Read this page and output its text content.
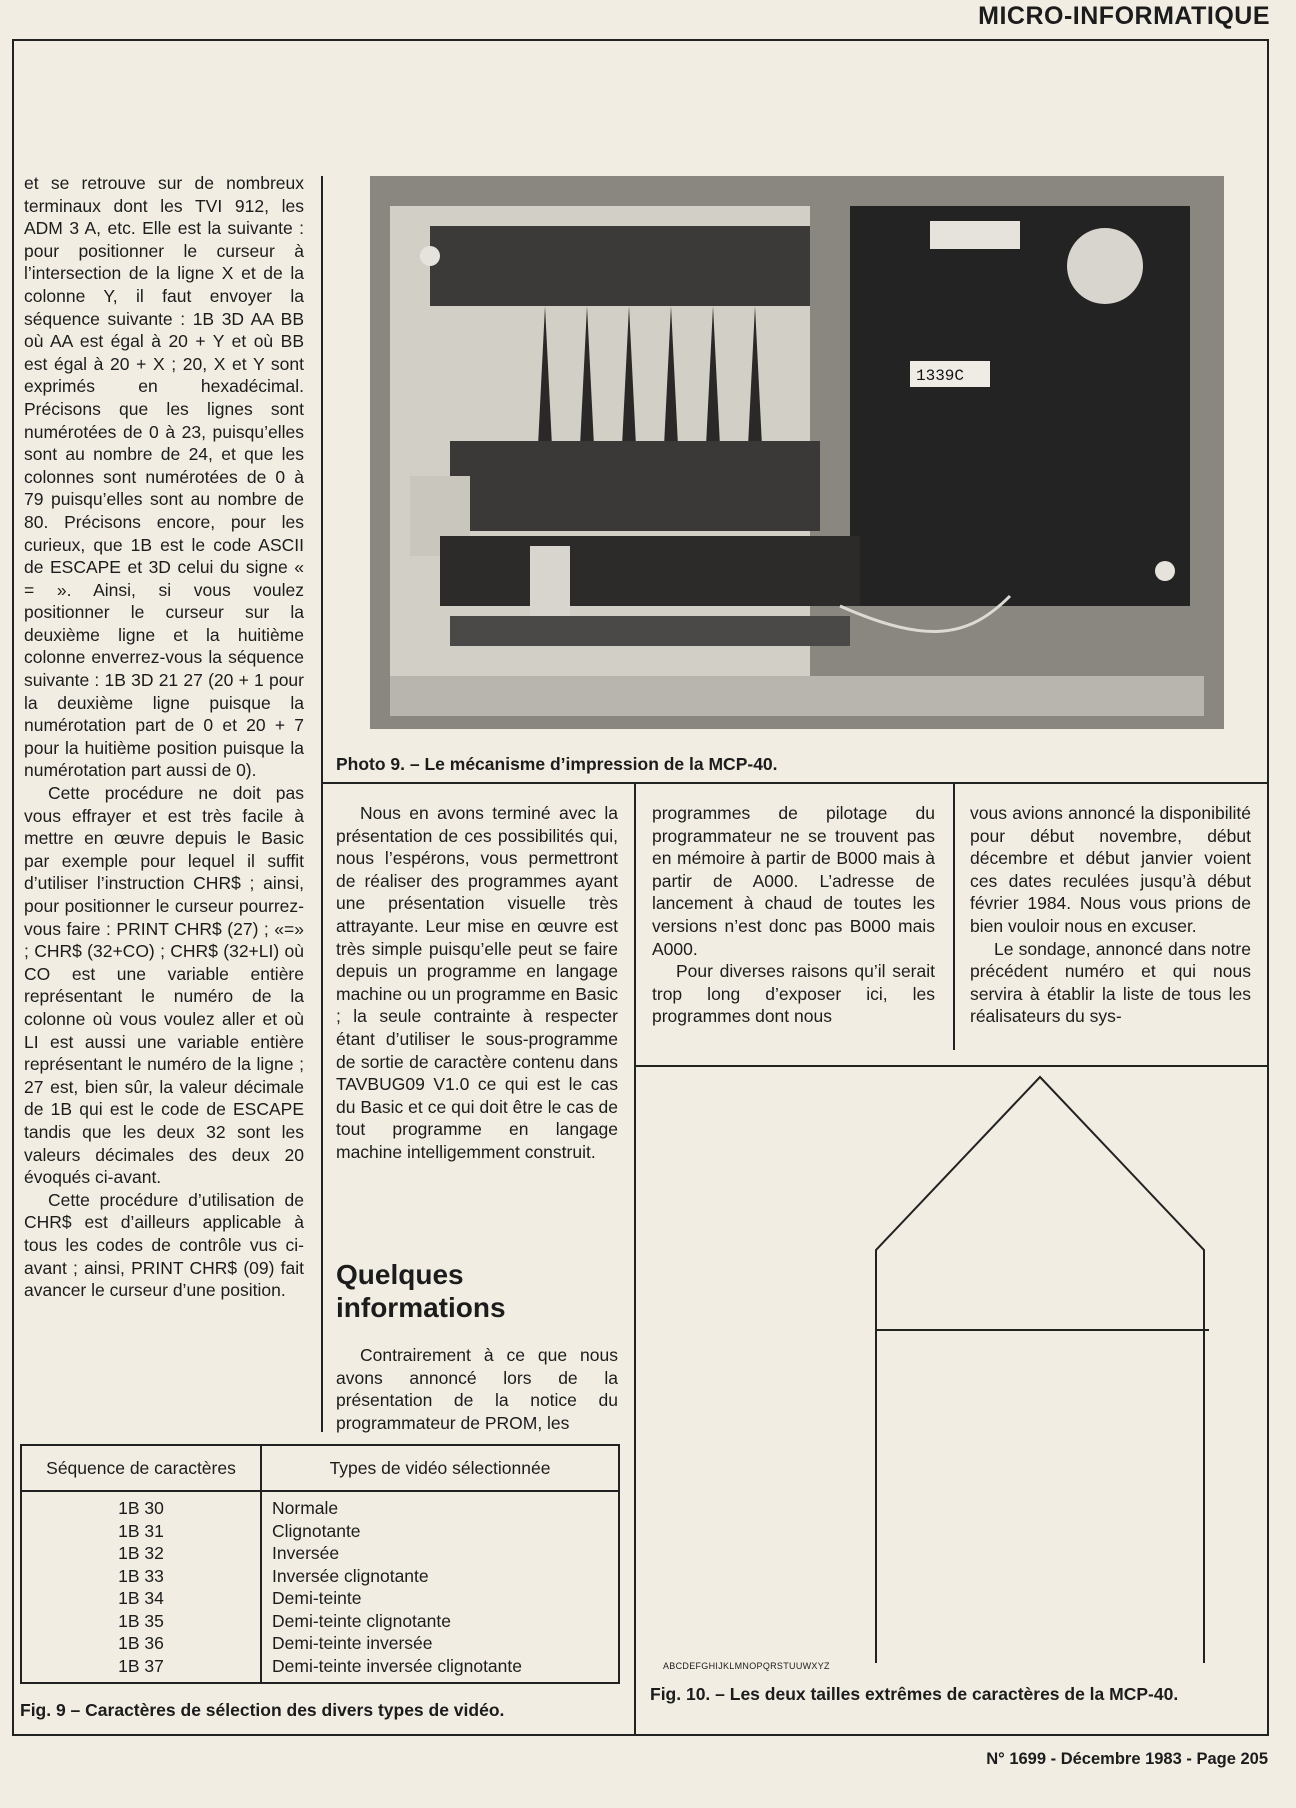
MICRO-INFORMATIQUE

et se retrouve sur de nombreux terminaux dont les TVI 912, les ADM 3 A, etc. Elle est la suivante : pour positionner le curseur à l’intersection de la ligne X et de la colonne Y, il faut envoyer la séquence suivante : 1B 3D AA BB où AA est égal à 20 + Y et où BB est égal à 20 + X ; 20, X et Y sont exprimés en hexadécimal. Précisons que les lignes sont numérotées de 0 à 23, puisqu’elles sont au nombre de 24, et que les colonnes sont numérotées de 0 à 79 puisqu’elles sont au nombre de 80. Précisons encore, pour les curieux, que 1B est le code ASCII de ESCAPE et 3D celui du signe « = ». Ainsi, si vous voulez positionner le curseur sur la deuxième ligne et la huitième colonne enverrez-vous la séquence suivante : 1B 3D 21 27 (20 + 1 pour la deuxième ligne puisque la numérotation part de 0 et 20 + 7 pour la huitième position puisque la numérotation part aussi de 0).

Cette procédure ne doit pas vous effrayer et est très facile à mettre en œuvre depuis le Basic par exemple pour lequel il suffit d’utiliser l’instruction CHR$ ; ainsi, pour positionner le curseur pourrez-vous faire : PRINT CHR$ (27) ; «=» ; CHR$ (32+CO) ; CHR$ (32+LI) où CO est une variable entière représentant le numéro de la colonne où vous voulez aller et où LI est aussi une variable entière représentant le numéro de la ligne ; 27 est, bien sûr, la valeur décimale de 1B qui est le code de ESCAPE tandis que les deux 32 sont les valeurs décimales des deux 20 évoqués ci-avant.

Cette procédure d’utilisation de CHR$ est d’ailleurs applicable à tous les codes de contrôle vus ci-avant ; ainsi, PRINT CHR$ (09) fait avancer le curseur d’une position.

1339C
Photo 9. – Le mécanisme d’impression de la MCP-40.

Nous en avons terminé avec la présentation de ces possibilités qui, nous l’espérons, vous permettront de réaliser des programmes ayant une présentation visuelle très attrayante. Leur mise en œuvre est très simple puisqu’elle peut se faire depuis un programme en langage machine ou un programme en Basic ; la seule contrainte à respecter étant d’utiliser le sous-programme de sortie de caractère contenu dans TAVBUG09 V1.0 ce qui est le cas du Basic et ce qui doit être le cas de tout programme en langage machine intelligemment construit.

Quelques informations

Contrairement à ce que nous avons annoncé lors de la présentation de la notice du programmateur de PROM, les

programmes de pilotage du programmateur ne se trouvent pas en mémoire à partir de B000 mais à partir de A000. L’adresse de lancement à chaud de toutes les versions n’est donc pas B000 mais A000.

Pour diverses raisons qu’il serait trop long d’exposer ici, les programmes dont nous

vous avions annoncé la disponibilité pour début novembre, début décembre et début janvier voient ces dates reculées jusqu’à début février 1984. Nous vous prions de bien vouloir nous en excuser.

Le sondage, annoncé dans notre précédent numéro et qui nous servira à établir la liste de tous les réalisateurs du sys-

Séquence de caractères	Types de vidéo sélectionnée
1B 30	Normale
1B 31	Clignotante
1B 32	Inversée
1B 33	Inversée clignotante
1B 34	Demi-teinte
1B 35	Demi-teinte clignotante
1B 36	Demi-teinte inversée
1B 37	Demi-teinte inversée clignotante
Fig. 9 – Caractères de sélection des divers types de vidéo.
ABCDEFGHIJKLMNOPQRSTUUWXYZ
Fig. 10. – Les deux tailles extrêmes de caractères de la MCP-40.
N° 1699 - Décembre 1983 - Page 205
